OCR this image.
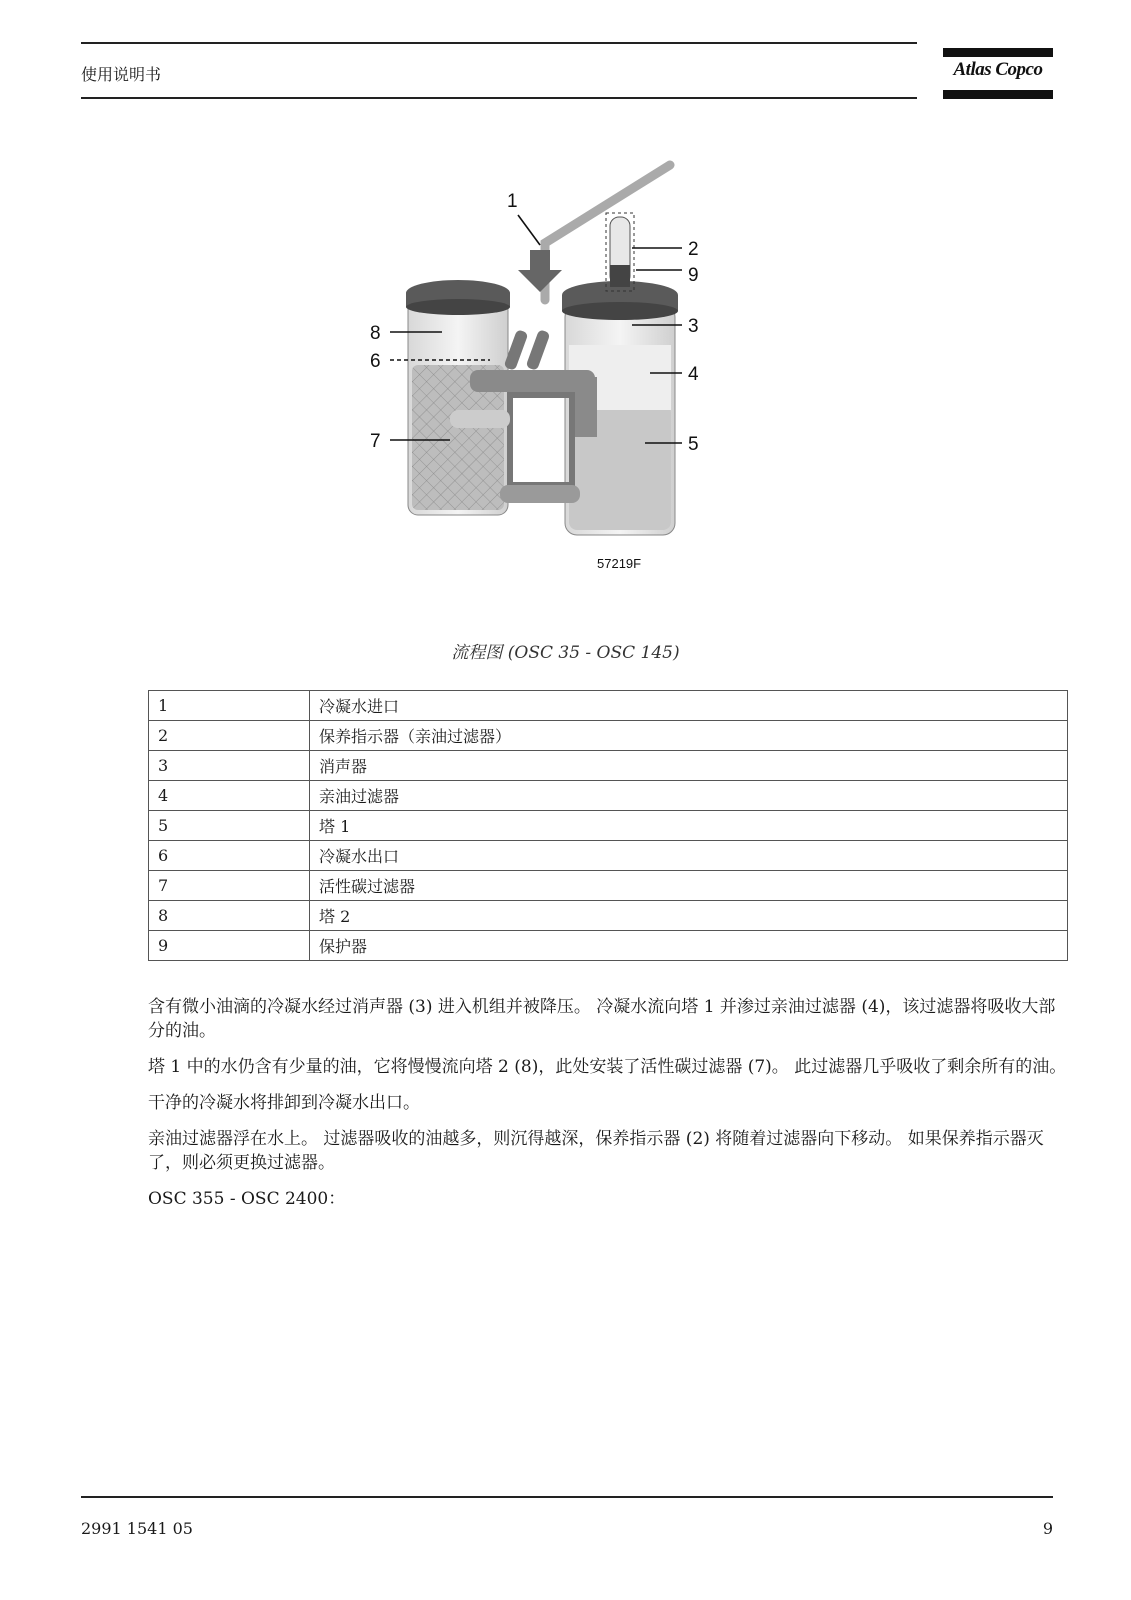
使用说明书	Atlas Copco
1
2
9
3
8
6
4
7	5
57219F
流程图 (OSC 35 - OSC 145)
1	冷凝水进口
2	保养指示器（亲油过滤器）
3	消声器
4	亲油过滤器
5	塔 1
6	冷凝水出口
7	活性碳过滤器
8	塔 2
9	保护器

含有微小油滴的冷凝水经过消声器 (3) 进入机组并被降压。 冷凝水流向塔 1 并渗过亲油过滤器 (4)，该过滤器将吸收大部分的油。

塔 1 中的水仍含有少量的油，它将慢慢流向塔 2 (8)，此处安装了活性碳过滤器 (7)。 此过滤器几乎吸收了剩余所有的油。

干净的冷凝水将排卸到冷凝水出口。

亲油过滤器浮在水上。 过滤器吸收的油越多，则沉得越深，保养指示器 (2) 将随着过滤器向下移动。 如果保养指示器灭了，则必须更换过滤器。

OSC 355 - OSC 2400：

2991 1541 05	9
